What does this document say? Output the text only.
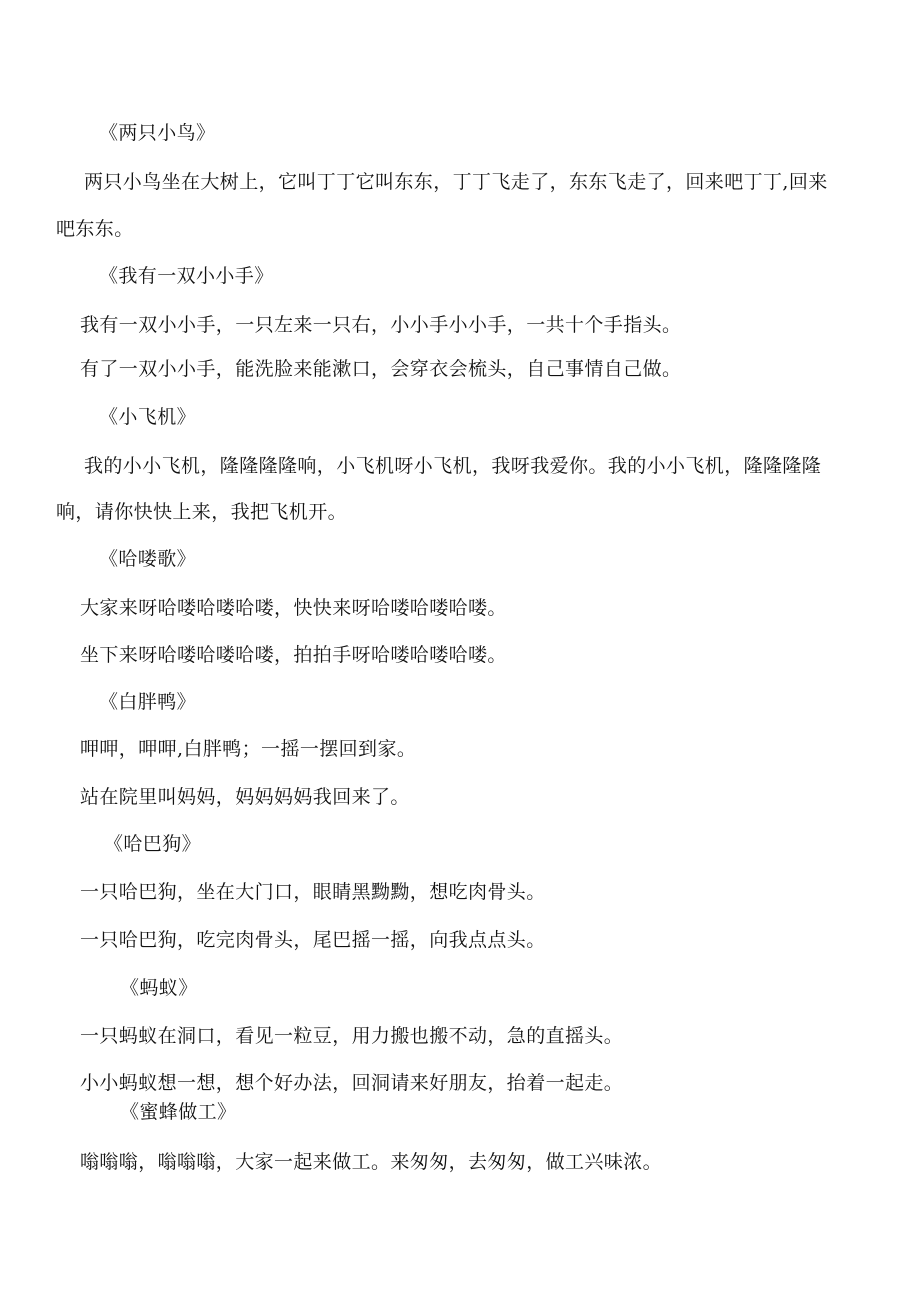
《两只小鸟》
两只小鸟坐在大树上，它叫丁丁它叫东东，丁丁飞走了，东东飞走了，回来吧丁丁,回来
吧东东。
《我有一双小小手》
我有一双小小手，一只左来一只右，小小手小小手，一共十个手指头。
有了一双小小手，能洗脸来能漱口，会穿衣会梳头，自己事情自己做。
《小飞机》
我的小小飞机，隆隆隆隆响，小飞机呀小飞机，我呀我爱你。我的小小飞机，隆隆隆隆
响，请你快快上来，我把飞机开。
《哈喽歌》
大家来呀哈喽哈喽哈喽，快快来呀哈喽哈喽哈喽。
坐下来呀哈喽哈喽哈喽，拍拍手呀哈喽哈喽哈喽。
《白胖鸭》
呷呷，呷呷,白胖鸭；一摇一摆回到家。
站在院里叫妈妈，妈妈妈妈我回来了。
《哈巴狗》
一只哈巴狗，坐在大门口，眼睛黑黝黝，想吃肉骨头。
一只哈巴狗，吃完肉骨头，尾巴摇一摇，向我点点头。
《蚂蚁》
一只蚂蚁在洞口，看见一粒豆，用力搬也搬不动，急的直摇头。
小小蚂蚁想一想，想个好办法，回洞请来好朋友，抬着一起走。
《蜜蜂做工》
嗡嗡嗡，嗡嗡嗡，大家一起来做工。来匆匆，去匆匆，做工兴味浓。
